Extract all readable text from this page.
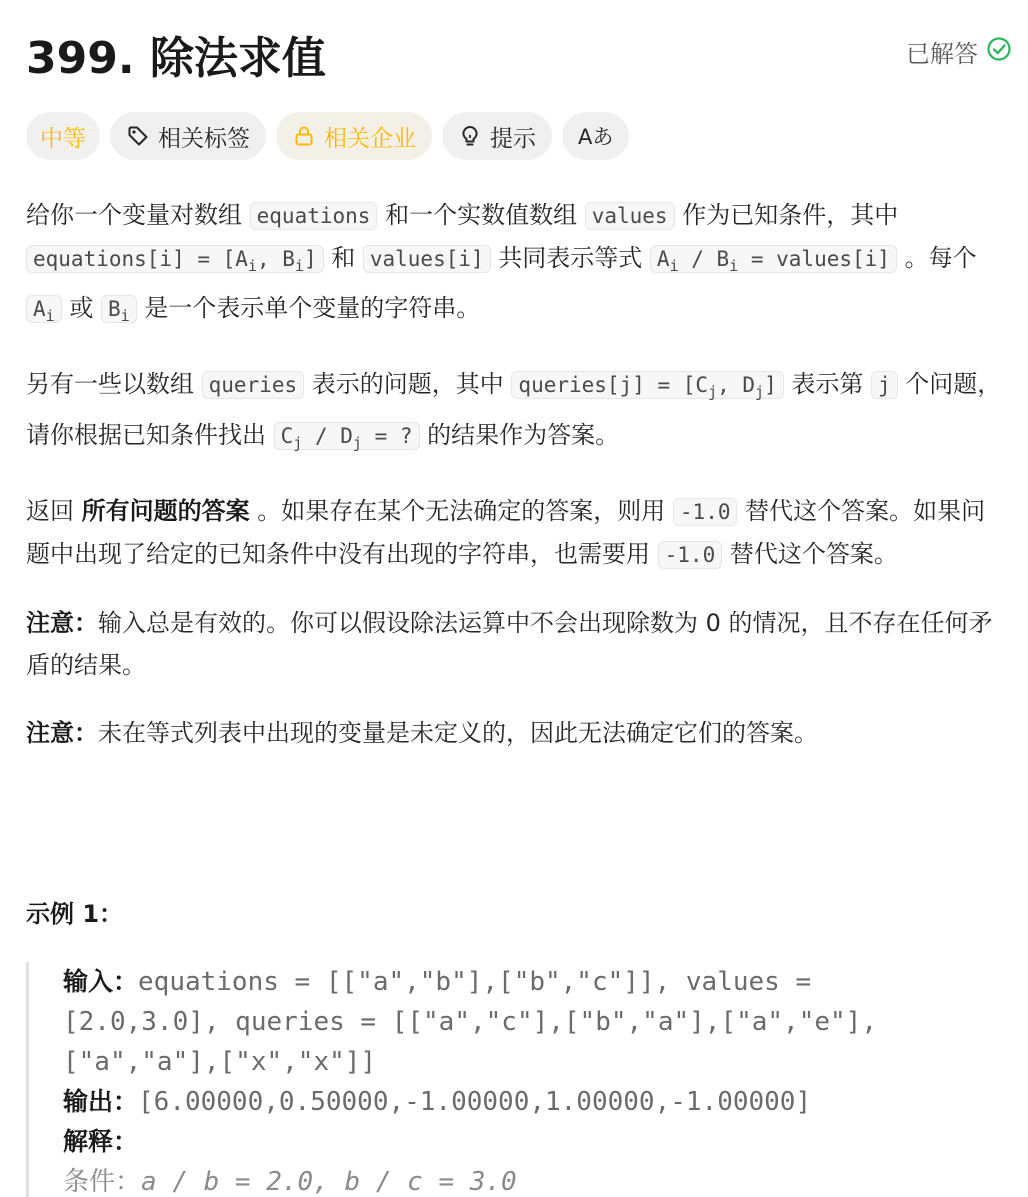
399. 除法求值	已解答
中等	相关标签	相关企业	提示 Aあ

给你一个变量对数组 equations 和一个实数值数组 values 作为已知条件，其中 equations[i] = [$A_i$, $B_i$] 和 values[i] 共同表示等式 $A_i / B_i$ = values[i] 。每个 $A_i$ 或 $B_i$ 是一个表示单个变量的字符串。

另有一些以数组 queries 表示的问题，其中 queries[j] = [$C_j$, $D_j$] 表示第 j 个问题，请你根据已知条件找出 $C_j / D_j$ = ? 的结果作为答案。

返回 所有问题的答案 。如果存在某个无法确定的答案，则用 -1.0 替代这个答案。如果问题中出现了给定的已知条件中没有出现的字符串，也需要用 -1.0 替代这个答案。

注意：输入总是有效的。你可以假设除法运算中不会出现除数为 0 的情况，且不存在任何矛盾的结果。

注意：未在等式列表中出现的变量是未定义的，因此无法确定它们的答案。

示例 1：
输入：equations = [["a","b"],["b","c"]], values =
[2.0,3.0], queries = [["a","c"],["b","a"],["a","e"],
["a","a"],["x","x"]]
输出：[6.00000,0.50000,-1.00000,1.00000,-1.00000]
解释：
条件：a / b = 2.0, b / c = 3.0
